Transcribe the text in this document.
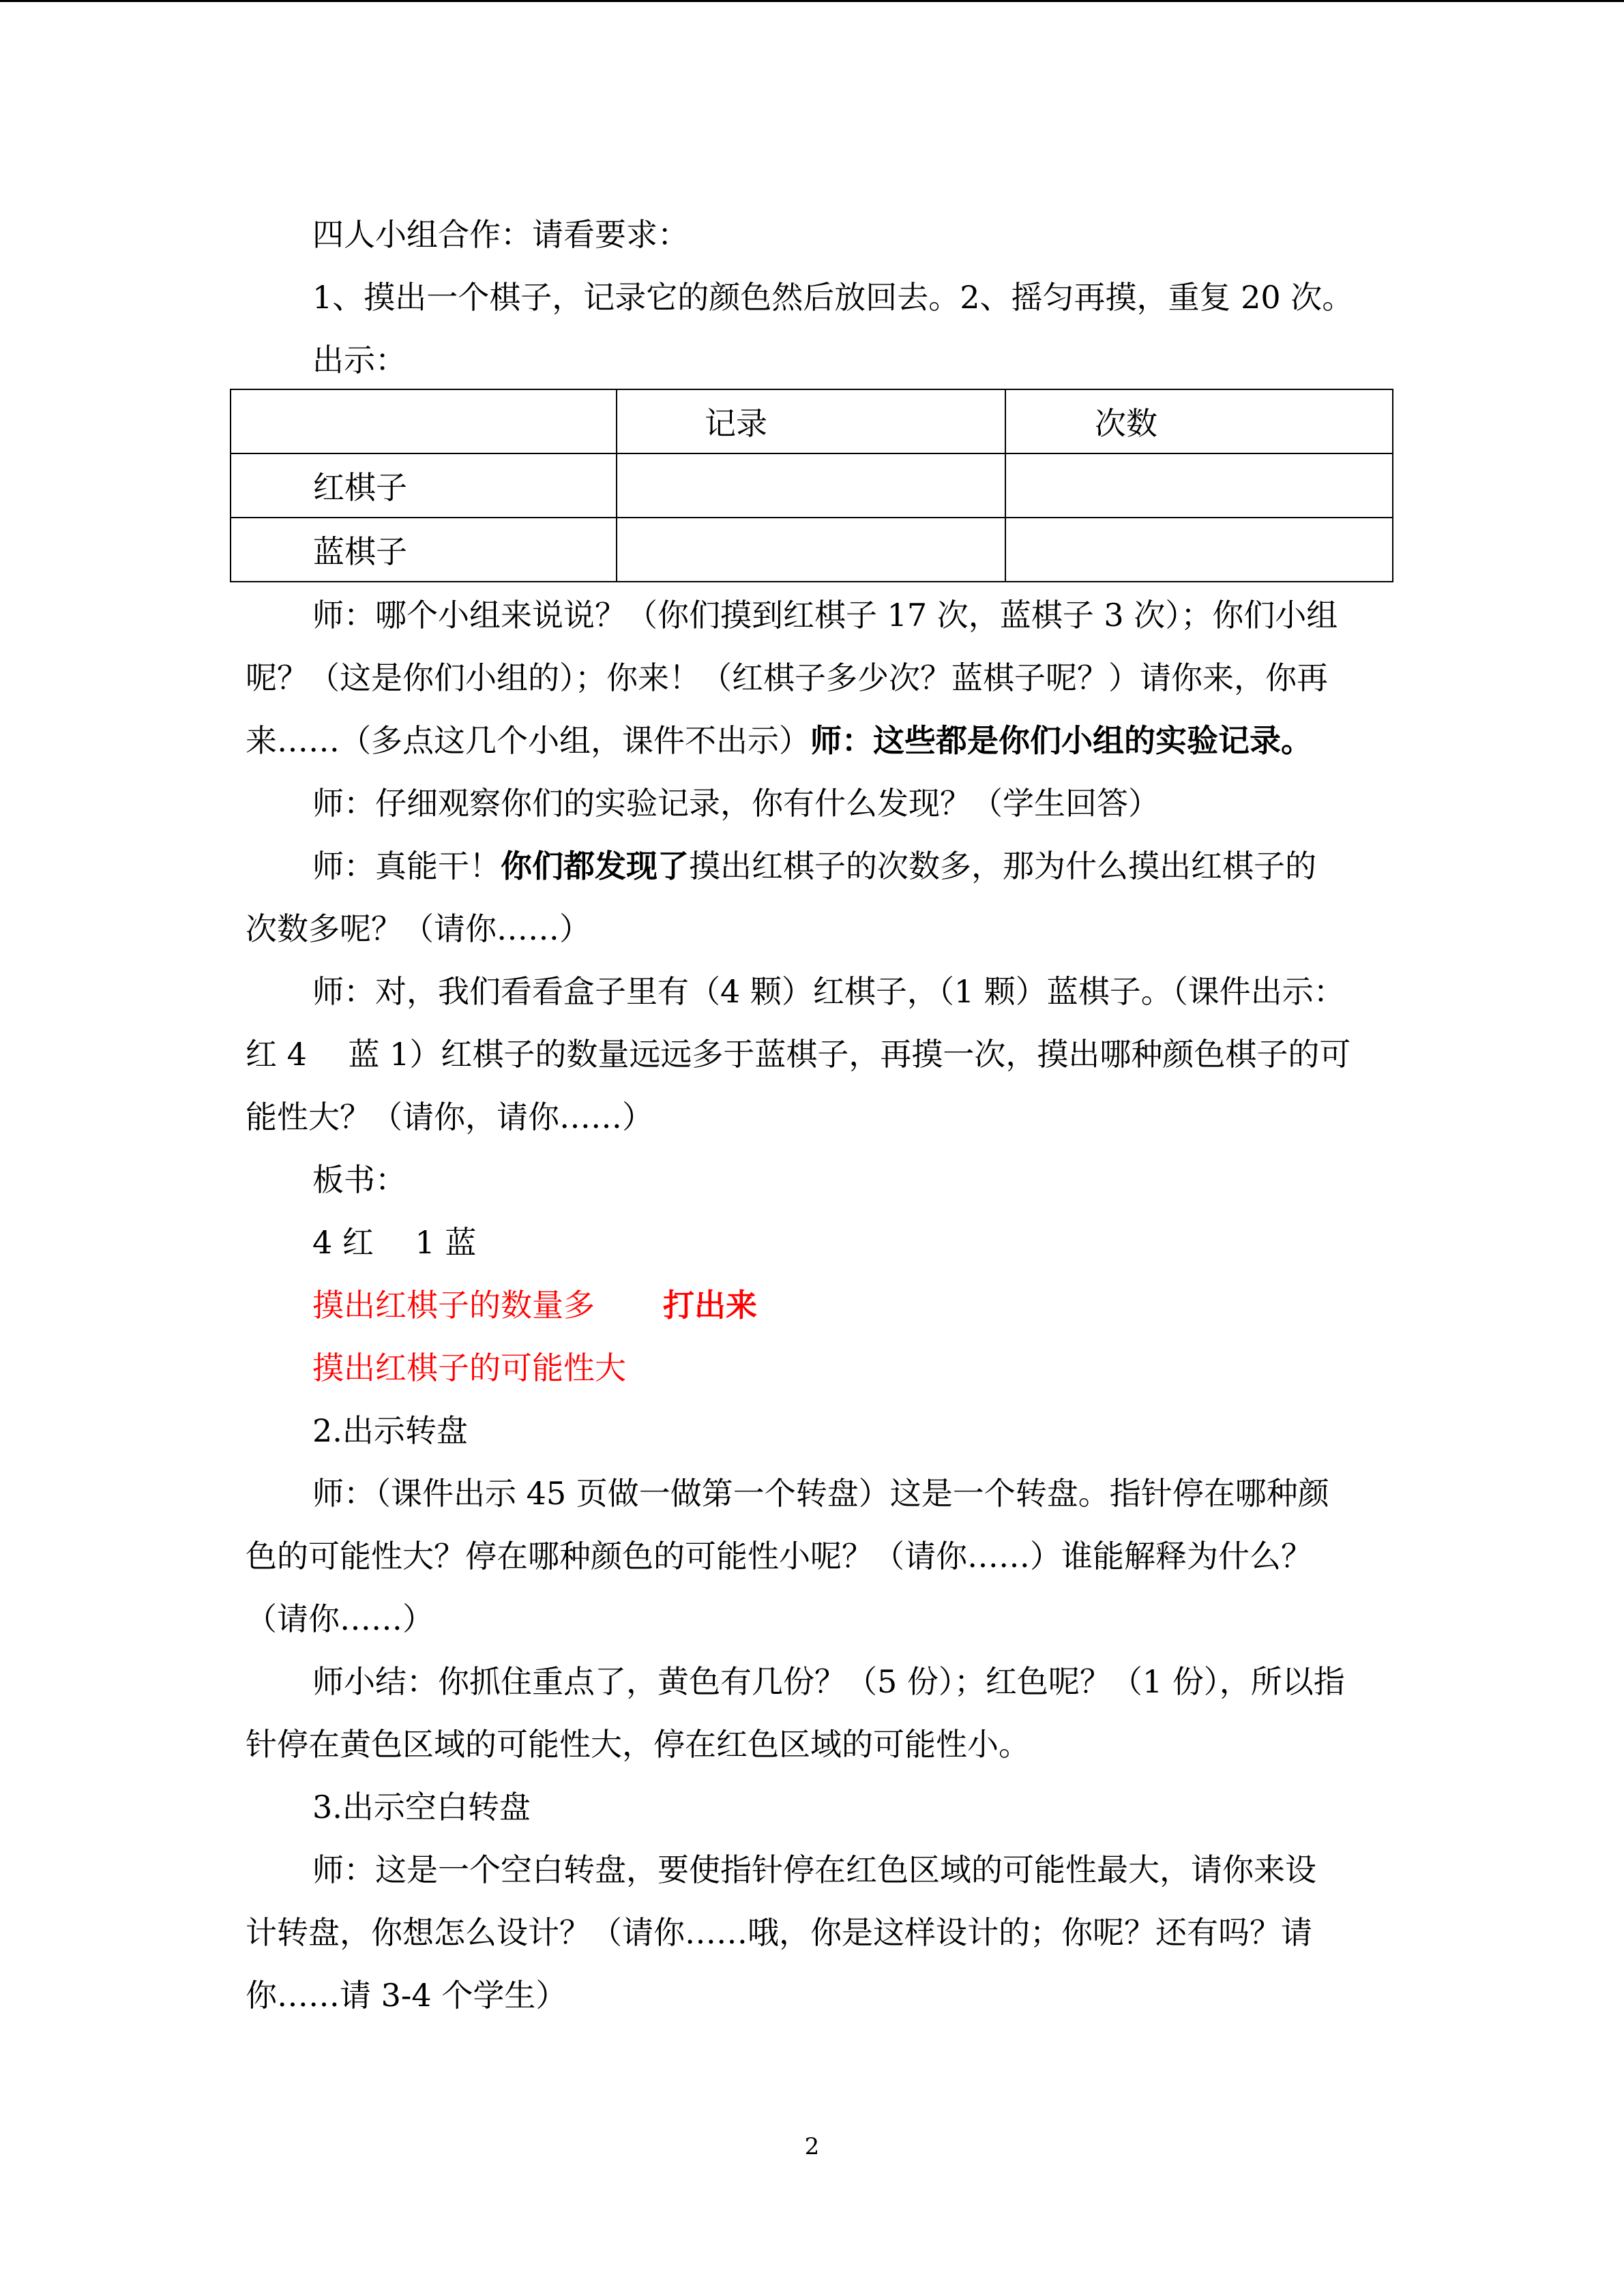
四人小组合作：请看要求：

1、摸出一个棋子，记录它的颜色然后放回去。2、摇匀再摸，重复 20 次。

出示：

	记录	次数
红棋子		
蓝棋子		

师：哪个小组来说说？（你们摸到红棋子 17 次，蓝棋子 3 次）；你们小组

呢？（这是你们小组的）；你来！（红棋子多少次？蓝棋子呢？）请你来，你再

来……（多点这几个小组，课件不出示）师：这些都是你们小组的实验记录。

师：仔细观察你们的实验记录，你有什么发现？（学生回答）

师：真能干！你们都发现了摸出红棋子的次数多，那为什么摸出红棋子的

次数多呢？（请你……）

师：对，我们看看盒子里有（4 颗）红棋子，（1 颗）蓝棋子。（课件出示：

红 4　 蓝 1）红棋子的数量远远多于蓝棋子，再摸一次，摸出哪种颜色棋子的可

能性大？（请你，请你……）

板书：

4 红　 1 蓝

摸出红棋子的数量多 打出来

摸出红棋子的可能性大

2.出示转盘

师：（课件出示 45 页做一做第一个转盘）这是一个转盘。指针停在哪种颜

色的可能性大？停在哪种颜色的可能性小呢？（请你……）谁能解释为什么？

（请你……）

师小结：你抓住重点了，黄色有几份？（5 份）；红色呢？（1 份），所以指

针停在黄色区域的可能性大，停在红色区域的可能性小。

3.出示空白转盘

师：这是一个空白转盘，要使指针停在红色区域的可能性最大，请你来设

计转盘，你想怎么设计？（请你……哦，你是这样设计的；你呢？还有吗？请

你……请 3-4 个学生）

2
